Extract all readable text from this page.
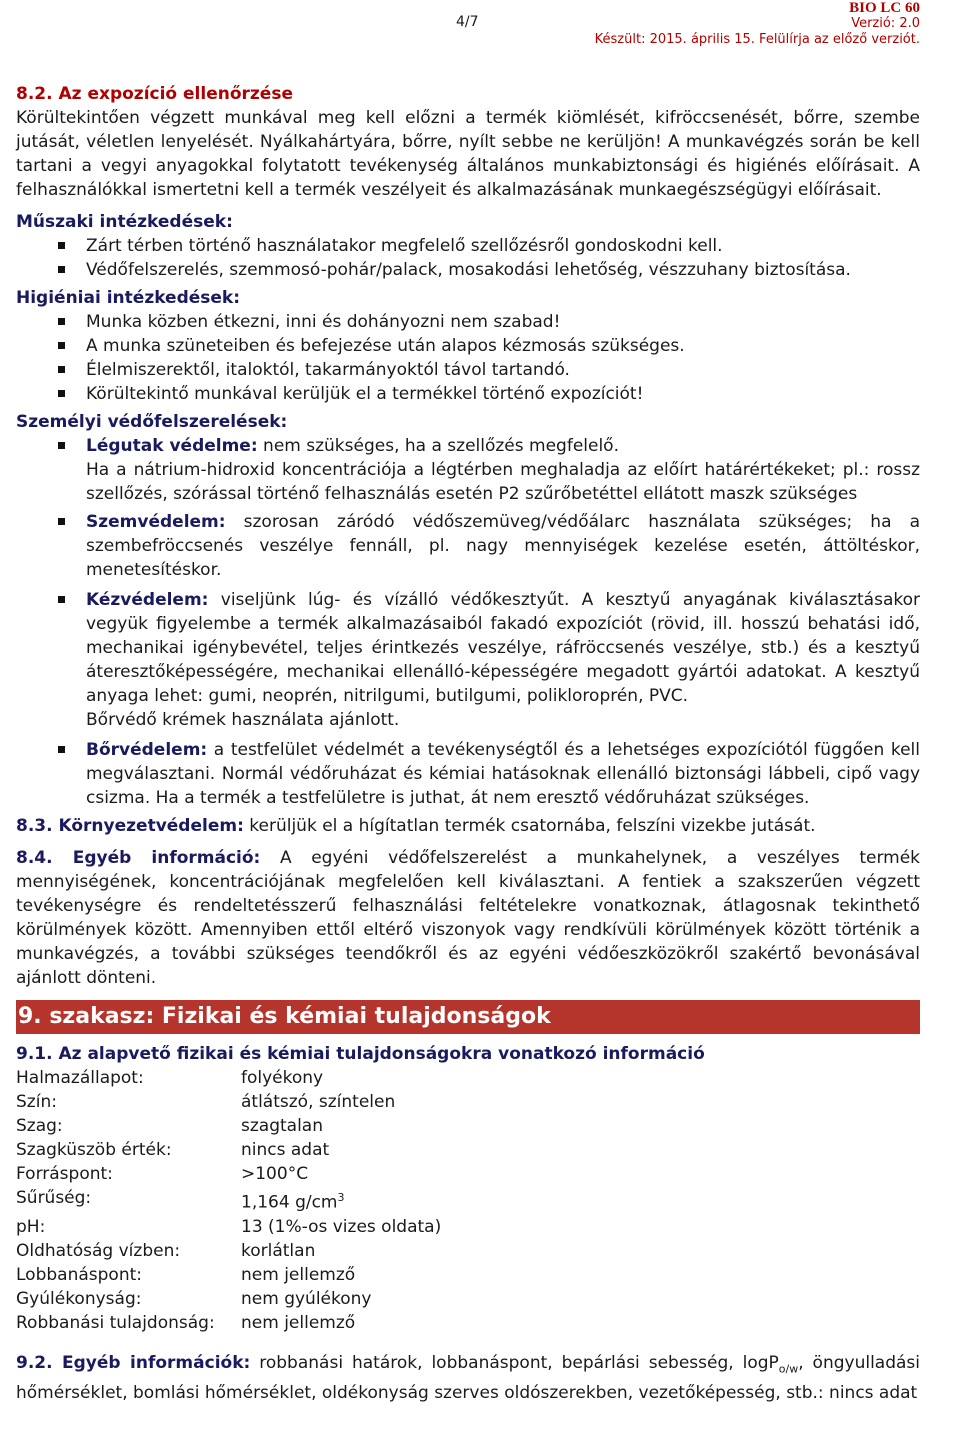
4/7
BIO LC 60
Verzió: 2.0
Készült: 2015. április 15. Felülírja az előző verziót.
8.2. Az expozíció ellenőrzése

Körültekintően végzett munkával meg kell előzni a termék kiömlését, kifröccsenését, bőrre, szembe jutását, véletlen lenyelését. Nyálkahártyára, bőrre, nyílt sebbe ne kerüljön! A munkavégzés során be kell tartani a vegyi anyagokkal folytatott tevékenység általános munkabiztonsági és higiénés előírásait. A felhasználókkal ismertetni kell a termék veszélyeit és alkalmazásának munkaegészségügyi előírásait.

Műszaki intézkedések:
Zárt térben történő használatakor megfelelő szellőzésről gondoskodni kell.
Védőfelszerelés, szemmosó-pohár/palack, mosakodási lehetőség, vészzuhany biztosítása.
Higiéniai intézkedések:
Munka közben étkezni, inni és dohányozni nem szabad!
A munka szüneteiben és befejezése után alapos kézmosás szükséges.
Élelmiszerektől, italoktól, takarmányoktól távol tartandó.
Körültekintő munkával kerüljük el a termékkel történő expozíciót!
Személyi védőfelszerelések:
Légutak védelme: nem szükséges, ha a szellőzés megfelelő.
Ha a nátrium-hidroxid koncentrációja a légtérben meghaladja az előírt határértékeket; pl.: rossz szellőzés, szórással történő felhasználás esetén P2 szűrőbetéttel ellátott maszk szükséges
Szemvédelem: szorosan záródó védőszemüveg/védőálarc használata szükséges; ha a szembefröccsenés veszélye fennáll, pl. nagy mennyiségek kezelése esetén, áttöltéskor, menetesítéskor.
Kézvédelem: viseljünk lúg- és vízálló védőkesztyűt. A kesztyű anyagának kiválasztásakor vegyük figyelembe a termék alkalmazásaiból fakadó expozíciót (rövid, ill. hosszú behatási idő, mechanikai igénybevétel, teljes érintkezés veszélye, ráfröccsenés veszélye, stb.) és a kesztyű áteresztőképességére, mechanikai ellenálló-képességére megadott gyártói adatokat. A kesztyű anyaga lehet: gumi, neoprén, nitrilgumi, butilgumi, polikloroprén, PVC.
Bőrvédő krémek használata ajánlott.
Bőrvédelem: a testfelület védelmét a tevékenységtől és a lehetséges expozíciótól függően kell megválasztani. Normál védőruházat és kémiai hatásoknak ellenálló biztonsági lábbeli, cipő vagy csizma. Ha a termék a testfelületre is juthat, át nem eresztő védőruházat szükséges.

8.3. Környezetvédelem: kerüljük el a hígítatlan termék csatornába, felszíni vizekbe jutását.

8.4. Egyéb információ: A egyéni védőfelszerelést a munkahelynek, a veszélyes termék mennyiségének, koncentrációjának megfelelően kell kiválasztani. A fentiek a szakszerűen végzett tevékenységre és rendeltetésszerű felhasználási feltételekre vonatkoznak, átlagosnak tekinthető körülmények között. Amennyiben ettől eltérő viszonyok vagy rendkívüli körülmények között történik a munkavégzés, a további szükséges teendőkről és az egyéni védőeszközökről szakértő bevonásával ajánlott dönteni.

9. szakasz: Fizikai és kémiai tulajdonságok
9.1. Az alapvető fizikai és kémiai tulajdonságokra vonatkozó információ
Halmazállapot:	folyékony
Szín:	átlátszó, színtelen
Szag:	szagtalan
Szagküszöb érték:	nincs adat
Forráspont:	>100°C
Sűrűség:	1,164 $g/cm^3$
pH:	13 (1%-os vizes oldata)
Oldhatóság vízben:	korlátlan
Lobbanáspont:	nem jellemző
Gyúlékonyság:	nem gyúlékony
Robbanási tulajdonság:	nem jellemző

9.2. Egyéb információk: robbanási határok, lobbanáspont, bepárlási sebesség, logP$_{o/w}$, öngyulladási hőmérséklet, bomlási hőmérséklet, oldékonyság szerves oldószerekben, vezetőképesség, stb.: nincs adat
